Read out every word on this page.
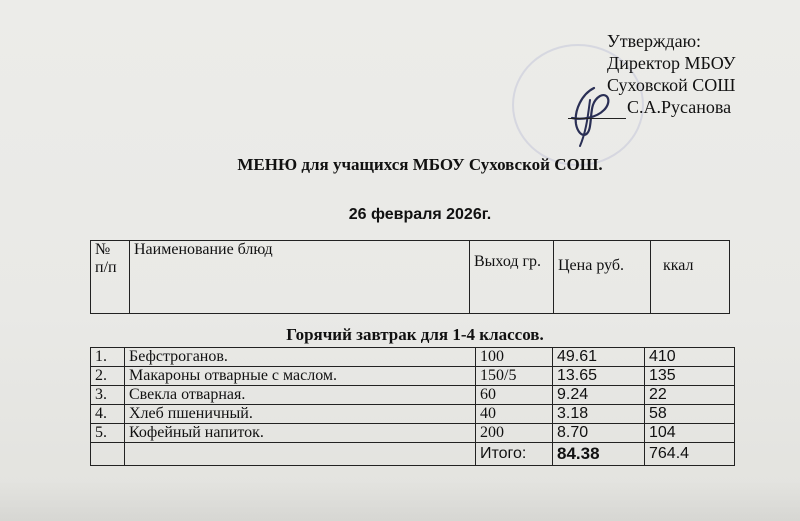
Утверждаю:
Директор МБОУ
Суховской СОШ
С.А.Русанова
МЕНЮ для учащихся МБОУ Суховской СОШ.
26 февраля 2026г.
№ п/п	Наименование блюд	Выход гр.	Цена руб.	ккал
Горячий завтрак для 1-4 классов.
1.	Бефстроганов.	100	49.61	410
2.	Макароны отварные с маслом.	150/5	13.65	135
3.	Свекла отварная.	60	9.24	22
4.	Хлеб пшеничный.	40	3.18	58
5.	Кофейный напиток.	200	8.70	104
		Итого:	84.38	764.4
